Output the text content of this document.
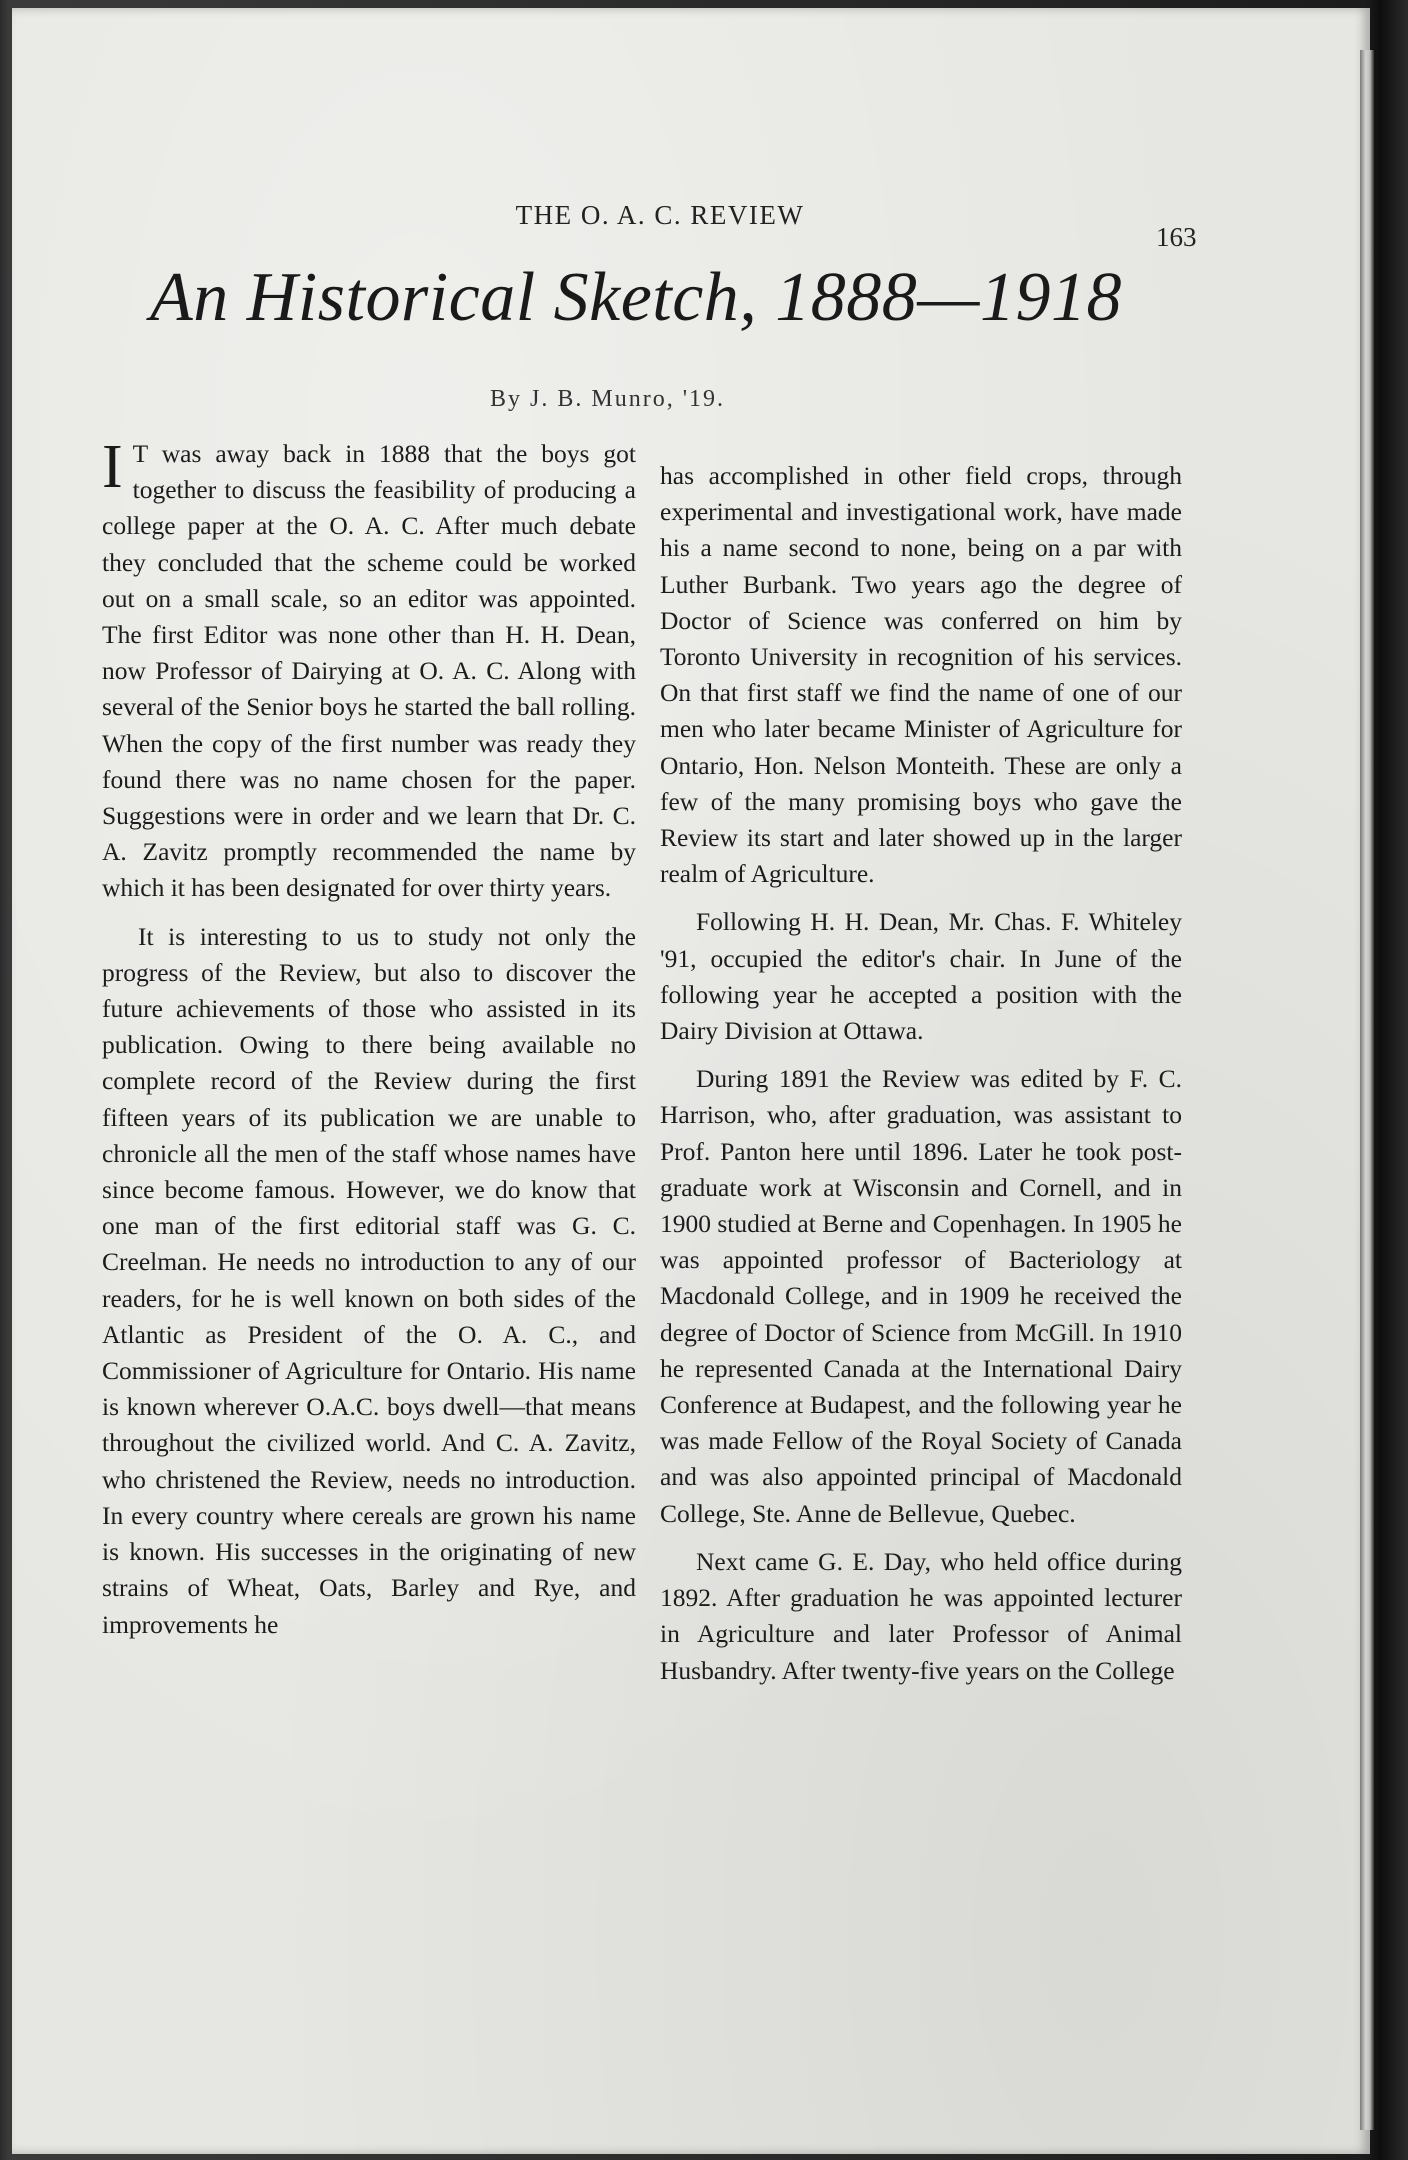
THE O. A. C. REVIEW
163
An Historical Sketch, 1888—1918
By J. B. Munro, '19.

I T was away back in 1888 that the boys got together to discuss the feasibility of producing a college paper at the O. A. C. After much debate they concluded that the scheme could be worked out on a small scale, so an editor was appointed. The first Editor was none other than H. H. Dean, now Professor of Dairying at O. A. C. Along with several of the Senior boys he started the ball rolling. When the copy of the first number was ready they found there was no name chosen for the paper. Suggestions were in order and we learn that Dr. C. A. Zavitz promptly recommended the name by which it has been designated for over thirty years.

It is interesting to us to study not only the progress of the Review, but also to discover the future achievements of those who assisted in its publication. Owing to there being available no complete record of the Review during the first fifteen years of its publication we are unable to chronicle all the men of the staff whose names have since become famous. However, we do know that one man of the first editorial staff was G. C. Creelman. He needs no introduction to any of our readers, for he is well known on both sides of the Atlantic as President of the O. A. C., and Commissioner of Agriculture for Ontario. His name is known wherever O.A.C. boys dwell—that means throughout the civilized world. And C. A. Zavitz, who christened the Review, needs no introduction. In every country where cereals are grown his name is known. His successes in the originating of new strains of Wheat, Oats, Barley and Rye, and improvements he

has accomplished in other field crops, through experimental and investigational work, have made his a name second to none, being on a par with Luther Burbank. Two years ago the degree of Doctor of Science was conferred on him by Toronto University in recognition of his services. On that first staff we find the name of one of our men who later became Minister of Agriculture for Ontario, Hon. Nelson Monteith. These are only a few of the many promising boys who gave the Review its start and later showed up in the larger realm of Agriculture.

Following H. H. Dean, Mr. Chas. F. Whiteley '91, occupied the editor's chair. In June of the following year he accepted a position with the Dairy Division at Ottawa.

During 1891 the Review was edited by F. C. Harrison, who, after graduation, was assistant to Prof. Panton here until 1896. Later he took post-graduate work at Wisconsin and Cornell, and in 1900 studied at Berne and Copenhagen. In 1905 he was appointed professor of Bacteriology at Macdonald College, and in 1909 he received the degree of Doctor of Science from McGill. In 1910 he represented Canada at the International Dairy Conference at Budapest, and the following year he was made Fellow of the Royal Society of Canada and was also appointed principal of Macdonald College, Ste. Anne de Bellevue, Quebec.

Next came G. E. Day, who held office during 1892. After graduation he was appointed lecturer in Agriculture and later Professor of Animal Husbandry. After twenty-five years on the College
